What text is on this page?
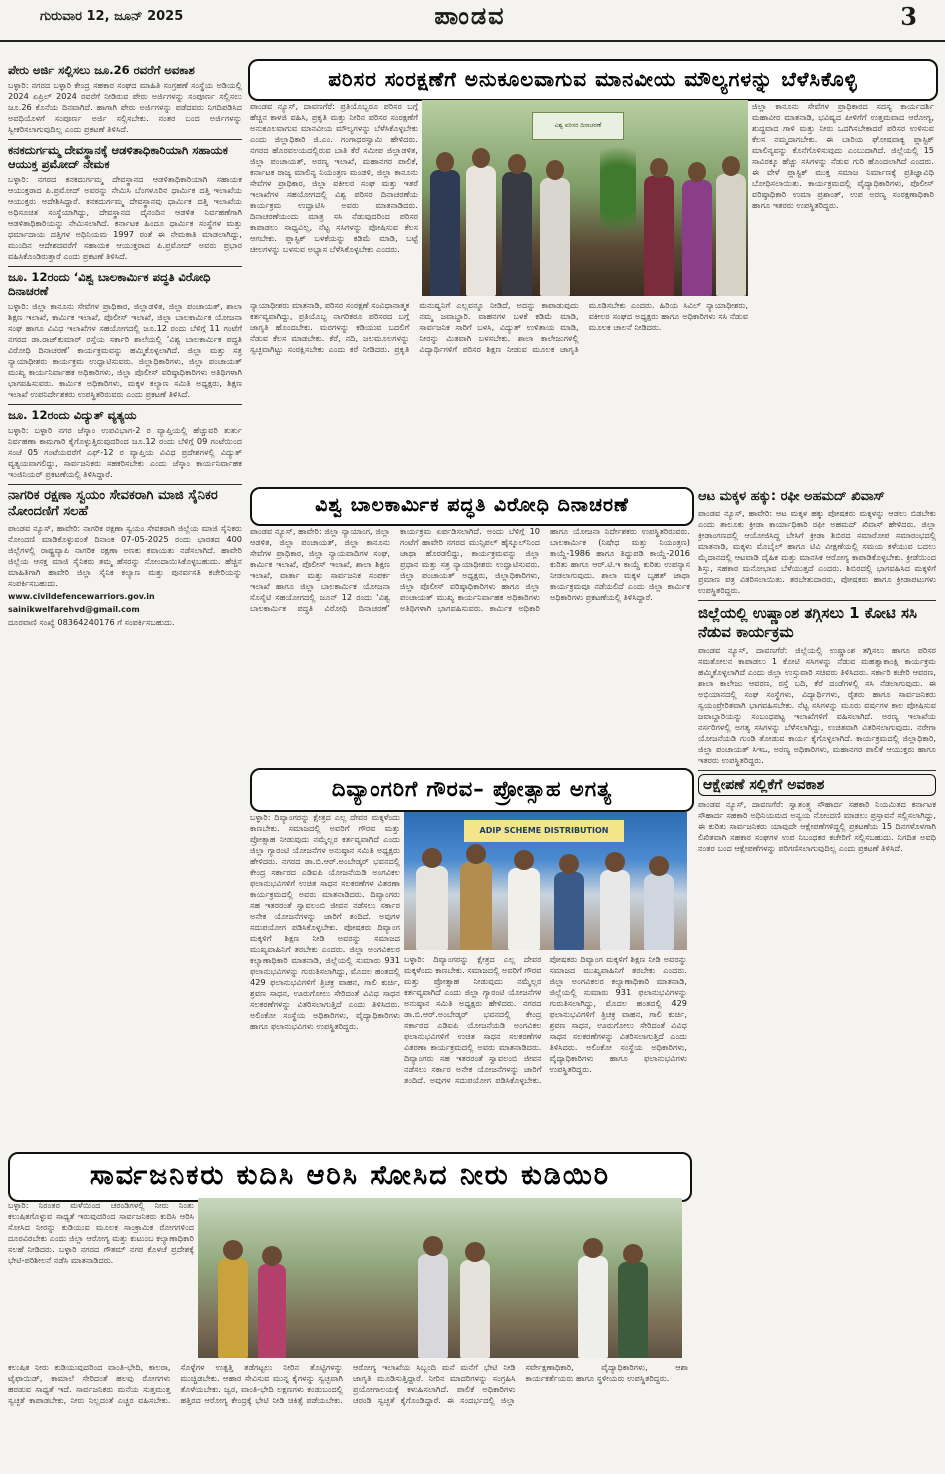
ಗುರುವಾರ 12, ಜೂನ್ 2025	ಪಾಂಡವ	3
ಪೇರು ಅರ್ಜಿ ಸಲ್ಲಿಸಲು ಜೂ.26 ರವರೆಗೆ ಅವಕಾಶ

ಬಳ್ಳಾರಿ: ನಗರದ ಬಳ್ಳಾರಿ ಕೇಂದ್ರ ಸಹಕಾರ ಸಂಘದ ಮಾಹಿತಿ ಸಂಗ್ರಹಣೆ ಸಂಸ್ಥೆಯ ಅಡಿಯಲ್ಲಿ 2024 ಏಪ್ರಿಲ್ 2024 ರವರೆಗೆ ನೀಡಿರುವ ಪೇರು ಅರ್ಜಿಗಳನ್ನು ಸಂಪೂರ್ಣ ಸಲ್ಲಿಸಲು ಜೂ.26 ಕೊನೆಯ ದಿನವಾಗಿದೆ. ಹಾಗಾಗಿ ಪೇರು ಅರ್ಜಿಗಳನ್ನು ಪಡೆದವರು ನಿಗದಿಪಡಿಸಿದ ಅವಧಿಯೊಳಗೆ ಸಂಪೂರ್ಣ ಅರ್ಜಿ ಸಲ್ಲಿಸಬೇಕು. ನಂತರ ಬಂದ ಅರ್ಜಿಗಳನ್ನು ಸ್ವೀಕರಿಸಲಾಗುವುದಿಲ್ಲ ಎಂದು ಪ್ರಕಟಣೆ ತಿಳಿಸಿದೆ.

ಕನಕದುರ್ಗಮ್ಮ ದೇವಸ್ಥಾನಕ್ಕೆ ಆಡಳಿತಾಧಿಕಾರಿಯಾಗಿ ಸಹಾಯಕ ಆಯುಕ್ತ ಪ್ರಮೋದ್ ನೇಮಕ

ಬಳ್ಳಾರಿ: ನಗರದ ಕನಕದುರ್ಗಮ್ಮ ದೇವಸ್ಥಾನದ ಆಡಳಿತಾಧಿಕಾರಿಯಾಗಿ ಸಹಾಯಕ ಆಯುಕ್ತರಾದ ಪಿ.ಪ್ರಮೋದ್ ಅವರನ್ನು ನೇಮಿಸಿ ಬೆಂಗಳೂರಿನ ಧಾರ್ಮಿಕ ದತ್ತಿ ಇಲಾಖೆಯ ಆಯುಕ್ತರು ಆದೇಶಿಸಿದ್ದಾರೆ. ಕನಕದುರ್ಗಮ್ಮ ದೇವಸ್ಥಾನವು ಧಾರ್ಮಿಕ ದತ್ತಿ ಇಲಾಖೆಯ ಅಧಿಸೂಚಿತ ಸಂಸ್ಥೆಯಾಗಿದ್ದು, ದೇವಸ್ಥಾನದ ದೈನಂದಿನ ಆಡಳಿತ ನಿರ್ವಹಣೆಗಾಗಿ ಆಡಳಿತಾಧಿಕಾರಿಯನ್ನು ನೇಮಿಸಲಾಗಿದೆ. ಕರ್ನಾಟಕ ಹಿಂದೂ ಧಾರ್ಮಿಕ ಸಂಸ್ಥೆಗಳ ಮತ್ತು ಧರ್ಮಾದಾಯ ದತ್ತಿಗಳ ಅಧಿನಿಯಮ 1997 ರಂತೆ ಈ ನೇಮಕಾತಿ ಮಾಡಲಾಗಿದ್ದು, ಮುಂದಿನ ಆದೇಶದವರೆಗೆ ಸಹಾಯಕ ಆಯುಕ್ತರಾದ ಪಿ.ಪ್ರಮೋದ್ ಅವರು ಪ್ರಭಾರ ವಹಿಸಿಕೊಂಡಿರುತ್ತಾರೆ ಎಂದು ಪ್ರಕಟಣೆ ತಿಳಿಸಿದೆ.

ಜೂ. 12ರಂದು ‘ವಿಶ್ವ ಬಾಲಕಾರ್ಮಿಕ ಪದ್ಧತಿ ವಿರೋಧಿ ದಿನಾಚರಣೆ

ಬಳ್ಳಾರಿ: ಜಿಲ್ಲಾ ಕಾನೂನು ಸೇವೆಗಳ ಪ್ರಾಧಿಕಾರ, ಜಿಲ್ಲಾಡಳಿತ, ಜಿಲ್ಲಾ ಪಂಚಾಯತ್, ಶಾಲಾ ಶಿಕ್ಷಣ ಇಲಾಖೆ, ಕಾರ್ಮಿಕ ಇಲಾಖೆ, ಪೊಲೀಸ್ ಇಲಾಖೆ, ಜಿಲ್ಲಾ ಬಾಲಕಾರ್ಮಿಕ ಯೋಜನಾ ಸಂಘ ಹಾಗೂ ವಿವಿಧ ಇಲಾಖೆಗಳ ಸಹಯೋಗದಲ್ಲಿ ಜೂ.12 ರಂದು ಬೆಳಿಗ್ಗೆ 11 ಗಂಟೆಗೆ ನಗರದ ಡಾ.ರಾಜ್‌ಕುಮಾರ್ ರಸ್ತೆಯ ಸರ್ಕಾರಿ ಶಾಲೆಯಲ್ಲಿ ‘ವಿಶ್ವ ಬಾಲಕಾರ್ಮಿಕ ಪದ್ಧತಿ ವಿರೋಧಿ ದಿನಾಚರಣೆ’ ಕಾರ್ಯಕ್ರಮವನ್ನು ಹಮ್ಮಿಕೊಳ್ಳಲಾಗಿದೆ. ಜಿಲ್ಲಾ ಮತ್ತು ಸತ್ರ ನ್ಯಾಯಾಧೀಶರು ಕಾರ್ಯಕ್ರಮ ಉದ್ಘಾಟಿಸುವರು. ಜಿಲ್ಲಾಧಿಕಾರಿಗಳು, ಜಿಲ್ಲಾ ಪಂಚಾಯತ್ ಮುಖ್ಯ ಕಾರ್ಯನಿರ್ವಾಹಕ ಅಧಿಕಾರಿಗಳು, ಜಿಲ್ಲಾ ಪೊಲೀಸ್ ವರಿಷ್ಠಾಧಿಕಾರಿಗಳು ಅತಿಥಿಗಳಾಗಿ ಭಾಗವಹಿಸುವರು. ಕಾರ್ಮಿಕ ಅಧಿಕಾರಿಗಳು, ಮಕ್ಕಳ ಕಲ್ಯಾಣ ಸಮಿತಿ ಅಧ್ಯಕ್ಷರು, ಶಿಕ್ಷಣ ಇಲಾಖೆ ಉಪನಿರ್ದೇಶಕರು ಉಪಸ್ಥಿತರಿರುವರು ಎಂದು ಪ್ರಕಟಣೆ ತಿಳಿಸಿದೆ.

ಜೂ. 12ರಂದು ವಿದ್ಯುತ್ ವ್ಯತ್ಯಯ

ಬಳ್ಳಾರಿ: ಬಳ್ಳಾರಿ ನಗರ ಜೆಸ್ಕಾಂ ಉಪವಿಭಾಗ-2 ರ ವ್ಯಾಪ್ತಿಯಲ್ಲಿ ಹೆಚ್ಚುವರಿ ತುರ್ತು ನಿರ್ವಹಣಾ ಕಾಮಗಾರಿ ಕೈಗೊಳ್ಳುತ್ತಿರುವುದರಿಂದ ಜೂ.12 ರಂದು ಬೆಳಿಗ್ಗೆ 09 ಗಂಟೆಯಿಂದ ಸಂಜೆ 05 ಗಂಟೆಯವರೆಗೆ ಎಫ್-12 ರ ವ್ಯಾಪ್ತಿಯ ವಿವಿಧ ಪ್ರದೇಶಗಳಲ್ಲಿ ವಿದ್ಯುತ್ ವ್ಯತ್ಯಯವಾಗಲಿದ್ದು, ಸಾರ್ವಜನಿಕರು ಸಹಕರಿಸಬೇಕು ಎಂದು ಜೆಸ್ಕಾಂ ಕಾರ್ಯನಿರ್ವಾಹಕ ಇಂಜಿನಿಯರ್ ಪ್ರಕಟಣೆಯಲ್ಲಿ ತಿಳಿಸಿದ್ದಾರೆ.

ನಾಗರಿಕ ರಕ್ಷಣಾ ಸ್ವಯಂ ಸೇವಕರಾಗಿ ಮಾಜಿ ಸೈನಿಕರ ನೋಂದಣಿಗೆ ಸಲಹೆ

ಪಾಂಡವ ನ್ಯೂಸ್, ಹಾವೇರಿ: ನಾಗರಿಕ ರಕ್ಷಣಾ ಸ್ವಯಂ ಸೇವಕರಾಗಿ ಜಿಲ್ಲೆಯ ಮಾಜಿ ಸೈನಿಕರು ನೋಂದಣಿ ಮಾಡಿಕೊಳ್ಳುವಂತೆ ದಿನಾಂಕ 07-05-2025 ರಂದು ಭಾರತದ 400 ಜಿಲ್ಲೆಗಳಲ್ಲಿ ರಾಷ್ಟ್ರವ್ಯಾಪಿ ನಾಗರಿಕ ರಕ್ಷಣಾ ಅಣಕು ಕವಾಯತು ನಡೆಸಲಾಗಿದೆ. ಹಾವೇರಿ ಜಿಲ್ಲೆಯ ಆಸಕ್ತ ಮಾಜಿ ಸೈನಿಕರು ತಮ್ಮ ಹೆಸರನ್ನು ನೋಂದಾಯಿಸಿಕೊಳ್ಳಬಹುದು. ಹೆಚ್ಚಿನ ಮಾಹಿತಿಗಾಗಿ ಹಾವೇರಿ ಜಿಲ್ಲಾ ಸೈನಿಕ ಕಲ್ಯಾಣ ಮತ್ತು ಪುನರ್ವಸತಿ ಕಚೇರಿಯನ್ನು ಸಂಪರ್ಕಿಸಬಹುದು.

www.civildefencewarriors.gov.in

sainikwelfarehvd@gmail.com

ದೂರವಾಣಿ ಸಂಖ್ಯೆ 08364240176 ಗೆ ಸಂಪರ್ಕಿಸಬಹುದು.

ಪರಿಸರ ಸಂರಕ್ಷಣೆಗೆ ಅನುಕೂಲವಾಗುವ ಮಾನವೀಯ ಮೌಲ್ಯಗಳನ್ನು ಬೆಳೆಸಿಕೊಳ್ಳಿ

ಪಾಂಡವ ನ್ಯೂಸ್, ದಾವಣಗೆರೆ: ಪ್ರತಿಯೊಬ್ಬರೂ ಪರಿಸರ ಬಗ್ಗೆ ಹೆಚ್ಚಿನ ಕಾಳಜಿ ವಹಿಸಿ, ಪ್ರಕೃತಿ ಮತ್ತು ನೀರಿನ ಪರಿಸರ ಸಂರಕ್ಷಣೆಗೆ ಅನುಕೂಲವಾಗುವ ಮಾನವೀಯ ಮೌಲ್ಯಗಳನ್ನು ಬೆಳೆಸಿಕೊಳ್ಳಬೇಕು ಎಂದು ಜಿಲ್ಲಾಧಿಕಾರಿ ಜಿ.ಎಂ. ಗಂಗಾಧರಸ್ವಾಮಿ ಹೇಳಿದರು. ನಗರದ ಹೊರವಲಯದಲ್ಲಿರುವ ಬಾತಿ ಕೆರೆ ಸಮೀಪ ಜಿಲ್ಲಾಡಳಿತ, ಜಿಲ್ಲಾ ಪಂಚಾಯತ್, ಅರಣ್ಯ ಇಲಾಖೆ, ಮಹಾನಗರ ಪಾಲಿಕೆ, ಕರ್ನಾಟಕ ರಾಜ್ಯ ಮಾಲಿನ್ಯ ನಿಯಂತ್ರಣ ಮಂಡಳಿ, ಜಿಲ್ಲಾ ಕಾನೂನು ಸೇವೆಗಳ ಪ್ರಾಧಿಕಾರ, ಜಿಲ್ಲಾ ವಕೀಲರ ಸಂಘ ಮತ್ತು ಇತರೆ ಇಲಾಖೆಗಳ ಸಹಯೋಗದಲ್ಲಿ ವಿಶ್ವ ಪರಿಸರ ದಿನಾಚರಣೆಯ ಕಾರ್ಯಕ್ರಮ ಉದ್ಘಾಟಿಸಿ ಅವರು ಮಾತನಾಡಿದರು. ದಿನಾಚರಣೆಯಂದು ಮಾತ್ರ ಸಸಿ ನೆಡುವುದರಿಂದ ಪರಿಸರ ಕಾಪಾಡಲು ಸಾಧ್ಯವಿಲ್ಲ, ನೆಟ್ಟ ಸಸಿಗಳನ್ನು ಪೋಷಿಸುವ ಕೆಲಸ ಆಗಬೇಕು. ಪ್ಲಾಸ್ಟಿಕ್ ಬಳಕೆಯನ್ನು ಕಡಿಮೆ ಮಾಡಿ, ಬಟ್ಟೆ ಚೀಲಗಳನ್ನು ಬಳಸುವ ಅಭ್ಯಾಸ ಬೆಳೆಸಿಕೊಳ್ಳಬೇಕು ಎಂದರು.

ವಿಶ್ವ ಪರಿಸರ ದಿನಾಚರಣೆ

ಜಿಲ್ಲಾ ಕಾನೂನು ಸೇವೆಗಳ ಪ್ರಾಧಿಕಾರದ ಸದಸ್ಯ ಕಾರ್ಯದರ್ಶಿ ಮಹಾವೀರ ಮಾತನಾಡಿ, ಭವಿಷ್ಯದ ಪೀಳಿಗೆಗೆ ಉತ್ತಮವಾದ ಆರೋಗ್ಯ, ಶುದ್ಧವಾದ ಗಾಳಿ ಮತ್ತು ನೀರು ಒದಗಿಸಬೇಕಾದರೆ ಪರಿಸರ ಉಳಿಸುವ ಕೆಲಸ ನಮ್ಮದಾಗಬೇಕು. ಈ ಬಾರಿಯ ಘೋಷವಾಕ್ಯ ಪ್ಲಾಸ್ಟಿಕ್ ಮಾಲಿನ್ಯವನ್ನು ಕೊನೆಗೊಳಿಸುವುದು ಎಂಬುದಾಗಿದೆ. ಜಿಲ್ಲೆಯಲ್ಲಿ 15 ಸಾವಿರಕ್ಕೂ ಹೆಚ್ಚು ಸಸಿಗಳನ್ನು ನೆಡುವ ಗುರಿ ಹೊಂದಲಾಗಿದೆ ಎಂದರು. ಈ ವೇಳೆ ಪ್ಲಾಸ್ಟಿಕ್ ಮುಕ್ತ ಸಮಾಜ ನಿರ್ಮಾಣಕ್ಕೆ ಪ್ರತಿಜ್ಞಾವಿಧಿ ಬೋಧಿಸಲಾಯಿತು. ಕಾರ್ಯಕ್ರಮದಲ್ಲಿ ವೈದ್ಯಾಧಿಕಾರಿಗಳು, ಪೊಲೀಸ್ ವರಿಷ್ಠಾಧಿಕಾರಿ ಉಮಾ ಪ್ರಶಾಂತ್, ಉಪ ಅರಣ್ಯ ಸಂರಕ್ಷಣಾಧಿಕಾರಿ ಹಾಗೂ ಇತರರು ಉಪಸ್ಥಿತರಿದ್ದರು.

ನ್ಯಾಯಾಧೀಶರು ಮಾತನಾಡಿ, ಪರಿಸರ ಸಂರಕ್ಷಣೆ ಸಂವಿಧಾನಾತ್ಮಕ ಕರ್ತವ್ಯವಾಗಿದ್ದು, ಪ್ರತಿಯೊಬ್ಬ ನಾಗರಿಕರೂ ಪರಿಸರದ ಬಗ್ಗೆ ಜಾಗೃತಿ ಹೊಂದಬೇಕು. ಮರಗಳನ್ನು ಕಡಿಯುವ ಬದಲಿಗೆ ನೆಡುವ ಕೆಲಸ ಮಾಡಬೇಕು. ಕೆರೆ, ನದಿ, ಜಲಮೂಲಗಳನ್ನು ಸ್ವಚ್ಛವಾಗಿಟ್ಟು ಸಂರಕ್ಷಿಸಬೇಕು ಎಂದು ಕರೆ ನೀಡಿದರು. ಪ್ರಕೃತಿ ಮನುಷ್ಯನಿಗೆ ಎಲ್ಲವನ್ನೂ ನೀಡಿದೆ, ಅದನ್ನು ಕಾಪಾಡುವುದು ನಮ್ಮ ಜವಾಬ್ದಾರಿ. ವಾಹನಗಳ ಬಳಕೆ ಕಡಿಮೆ ಮಾಡಿ, ಸಾರ್ವಜನಿಕ ಸಾರಿಗೆ ಬಳಸಿ, ವಿದ್ಯುತ್ ಉಳಿತಾಯ ಮಾಡಿ, ನೀರನ್ನು ಮಿತವಾಗಿ ಬಳಸಬೇಕು. ಶಾಲಾ ಕಾಲೇಜುಗಳಲ್ಲಿ ವಿದ್ಯಾರ್ಥಿಗಳಿಗೆ ಪರಿಸರ ಶಿಕ್ಷಣ ನೀಡುವ ಮೂಲಕ ಜಾಗೃತಿ ಮೂಡಿಸಬೇಕು ಎಂದರು. ಹಿರಿಯ ಸಿವಿಲ್ ನ್ಯಾಯಾಧೀಶರು, ವಕೀಲರ ಸಂಘದ ಅಧ್ಯಕ್ಷರು ಹಾಗೂ ಅಧಿಕಾರಿಗಳು ಸಸಿ ನೆಡುವ ಮೂಲಕ ಚಾಲನೆ ನೀಡಿದರು.

ವಿಶ್ವ ಬಾಲಕಾರ್ಮಿಕ ಪದ್ಧತಿ ವಿರೋಧಿ ದಿನಾಚರಣೆ

ಪಾಂಡವ ನ್ಯೂಸ್, ಹಾವೇರಿ: ಜಿಲ್ಲಾ ನ್ಯಾಯಾಂಗ, ಜಿಲ್ಲಾ ಆಡಳಿತ, ಜಿಲ್ಲಾ ಪಂಚಾಯತ್, ಜಿಲ್ಲಾ ಕಾನೂನು ಸೇವೆಗಳ ಪ್ರಾಧಿಕಾರ, ಜಿಲ್ಲಾ ನ್ಯಾಯವಾದಿಗಳ ಸಂಘ, ಕಾರ್ಮಿಕ ಇಲಾಖೆ, ಪೊಲೀಸ್ ಇಲಾಖೆ, ಶಾಲಾ ಶಿಕ್ಷಣ ಇಲಾಖೆ, ವಾರ್ತಾ ಮತ್ತು ಸಾರ್ವಜನಿಕ ಸಂಪರ್ಕ ಇಲಾಖೆ ಹಾಗೂ ಜಿಲ್ಲಾ ಬಾಲಕಾರ್ಮಿಕ ಯೋಜನಾ ಸೊಸೈಟಿ ಸಹಯೋಗದಲ್ಲಿ ಜೂನ್ 12 ರಂದು ‘ವಿಶ್ವ ಬಾಲಕಾರ್ಮಿಕ ಪದ್ಧತಿ ವಿರೋಧಿ ದಿನಾಚರಣೆ’ ಕಾರ್ಯಕ್ರಮ ಏರ್ಪಡಿಸಲಾಗಿದೆ. ಅಂದು ಬೆಳಿಗ್ಗೆ 10 ಗಂಟೆಗೆ ಹಾವೇರಿ ನಗರದ ಮುನ್ಸಿಪಲ್ ಹೈಸ್ಕೂಲ್‌ನಿಂದ ಜಾಥಾ ಹೊರಡಲಿದ್ದು, ಕಾರ್ಯಕ್ರಮವನ್ನು ಜಿಲ್ಲಾ ಪ್ರಧಾನ ಮತ್ತು ಸತ್ರ ನ್ಯಾಯಾಧೀಶರು ಉದ್ಘಾಟಿಸುವರು. ಜಿಲ್ಲಾ ಪಂಚಾಯತ್ ಅಧ್ಯಕ್ಷರು, ಜಿಲ್ಲಾಧಿಕಾರಿಗಳು, ಜಿಲ್ಲಾ ಪೊಲೀಸ್ ವರಿಷ್ಠಾಧಿಕಾರಿಗಳು ಹಾಗೂ ಜಿಲ್ಲಾ ಪಂಚಾಯತ್ ಮುಖ್ಯ ಕಾರ್ಯನಿರ್ವಾಹಕ ಅಧಿಕಾರಿಗಳು ಅತಿಥಿಗಳಾಗಿ ಭಾಗವಹಿಸುವರು. ಕಾರ್ಮಿಕ ಅಧಿಕಾರಿ ಹಾಗೂ ಯೋಜನಾ ನಿರ್ದೇಶಕರು ಉಪಸ್ಥಿತರಿರುವರು. ಬಾಲಕಾರ್ಮಿಕ (ನಿಷೇಧ ಮತ್ತು ನಿಯಂತ್ರಣ) ಕಾಯ್ದೆ-1986 ಹಾಗೂ ತಿದ್ದುಪಡಿ ಕಾಯ್ದೆ-2016 ಕುರಿತು ಹಾಗೂ ಆರ್.ಟಿ.ಇ ಕಾಯ್ದೆ ಕುರಿತು ಉಪನ್ಯಾಸ ನೀಡಲಾಗುವುದು. ಶಾಲಾ ಮಕ್ಕಳ ಬೃಹತ್ ಜಾಥಾ ಕಾರ್ಯಕ್ರಮವೂ ನಡೆಯಲಿದೆ ಎಂದು ಜಿಲ್ಲಾ ಕಾರ್ಮಿಕ ಅಧಿಕಾರಿಗಳು ಪ್ರಕಟಣೆಯಲ್ಲಿ ತಿಳಿಸಿದ್ದಾರೆ.

ದಿವ್ಯಾಂಗರಿಗೆ ಗೌರವ– ಪ್ರೋತ್ಸಾಹ ಅಗತ್ಯ

ಬಳ್ಳಾರಿ: ದಿವ್ಯಾಂಗರನ್ನು ಕ್ಷೇತ್ರದ ಎಲ್ಲ ದೇವರ ಮಕ್ಕಳೆಂದು ಕಾಣಬೇಕು. ಸಮಾಜದಲ್ಲಿ ಅವರಿಗೆ ಗೌರವ ಮತ್ತು ಪ್ರೋತ್ಸಾಹ ನೀಡುವುದು ನಮ್ಮೆಲ್ಲರ ಕರ್ತವ್ಯವಾಗಿದೆ ಎಂದು ಜಿಲ್ಲಾ ಗ್ಯಾರಂಟಿ ಯೋಜನೆಗಳ ಅನುಷ್ಠಾನ ಸಮಿತಿ ಅಧ್ಯಕ್ಷರು ಹೇಳಿದರು. ನಗರದ ಡಾ.ಬಿ.ಆರ್.ಅಂಬೇಡ್ಕರ್ ಭವನದಲ್ಲಿ ಕೇಂದ್ರ ಸರ್ಕಾರದ ಎಡಿಐಪಿ ಯೋಜನೆಯಡಿ ಅಂಗವಿಕಲ ಫಲಾನುಭವಿಗಳಿಗೆ ಉಚಿತ ಸಾಧನ ಸಲಕರಣೆಗಳ ವಿತರಣಾ ಕಾರ್ಯಕ್ರಮದಲ್ಲಿ ಅವರು ಮಾತನಾಡಿದರು. ದಿವ್ಯಾಂಗರು ಸಹ ಇತರರಂತೆ ಸ್ವಾವಲಂಬಿ ಜೀವನ ನಡೆಸಲು ಸರ್ಕಾರ ಅನೇಕ ಯೋಜನೆಗಳನ್ನು ಜಾರಿಗೆ ತಂದಿದೆ. ಅವುಗಳ ಸದುಪಯೋಗ ಪಡಿಸಿಕೊಳ್ಳಬೇಕು. ಪೋಷಕರು ದಿವ್ಯಾಂಗ ಮಕ್ಕಳಿಗೆ ಶಿಕ್ಷಣ ನೀಡಿ ಅವರನ್ನು ಸಮಾಜದ ಮುಖ್ಯವಾಹಿನಿಗೆ ತರಬೇಕು ಎಂದರು. ಜಿಲ್ಲಾ ಅಂಗವಿಕಲರ ಕಲ್ಯಾಣಾಧಿಕಾರಿ ಮಾತನಾಡಿ, ಜಿಲ್ಲೆಯಲ್ಲಿ ಸುಮಾರು 931 ಫಲಾನುಭವಿಗಳನ್ನು ಗುರುತಿಸಲಾಗಿದ್ದು, ಮೊದಲ ಹಂತದಲ್ಲಿ 429 ಫಲಾನುಭವಿಗಳಿಗೆ ತ್ರಿಚಕ್ರ ವಾಹನ, ಗಾಲಿ ಕುರ್ಚಿ, ಶ್ರವಣ ಸಾಧನ, ಊರುಗೋಲು ಸೇರಿದಂತೆ ವಿವಿಧ ಸಾಧನ ಸಲಕರಣೆಗಳನ್ನು ವಿತರಿಸಲಾಗುತ್ತಿದೆ ಎಂದು ತಿಳಿಸಿದರು. ಅಲಿಂಕೋ ಸಂಸ್ಥೆಯ ಅಧಿಕಾರಿಗಳು, ವೈದ್ಯಾಧಿಕಾರಿಗಳು ಹಾಗೂ ಫಲಾನುಭವಿಗಳು ಉಪಸ್ಥಿತರಿದ್ದರು.

ADIP SCHEME DISTRIBUTION

ಬಳ್ಳಾರಿ: ದಿವ್ಯಾಂಗರನ್ನು ಕ್ಷೇತ್ರದ ಎಲ್ಲ ದೇವರ ಮಕ್ಕಳೆಂದು ಕಾಣಬೇಕು. ಸಮಾಜದಲ್ಲಿ ಅವರಿಗೆ ಗೌರವ ಮತ್ತು ಪ್ರೋತ್ಸಾಹ ನೀಡುವುದು ನಮ್ಮೆಲ್ಲರ ಕರ್ತವ್ಯವಾಗಿದೆ ಎಂದು ಜಿಲ್ಲಾ ಗ್ಯಾರಂಟಿ ಯೋಜನೆಗಳ ಅನುಷ್ಠಾನ ಸಮಿತಿ ಅಧ್ಯಕ್ಷರು ಹೇಳಿದರು. ನಗರದ ಡಾ.ಬಿ.ಆರ್.ಅಂಬೇಡ್ಕರ್ ಭವನದಲ್ಲಿ ಕೇಂದ್ರ ಸರ್ಕಾರದ ಎಡಿಐಪಿ ಯೋಜನೆಯಡಿ ಅಂಗವಿಕಲ ಫಲಾನುಭವಿಗಳಿಗೆ ಉಚಿತ ಸಾಧನ ಸಲಕರಣೆಗಳ ವಿತರಣಾ ಕಾರ್ಯಕ್ರಮದಲ್ಲಿ ಅವರು ಮಾತನಾಡಿದರು. ದಿವ್ಯಾಂಗರು ಸಹ ಇತರರಂತೆ ಸ್ವಾವಲಂಬಿ ಜೀವನ ನಡೆಸಲು ಸರ್ಕಾರ ಅನೇಕ ಯೋಜನೆಗಳನ್ನು ಜಾರಿಗೆ ತಂದಿದೆ. ಅವುಗಳ ಸದುಪಯೋಗ ಪಡಿಸಿಕೊಳ್ಳಬೇಕು. ಪೋಷಕರು ದಿವ್ಯಾಂಗ ಮಕ್ಕಳಿಗೆ ಶಿಕ್ಷಣ ನೀಡಿ ಅವರನ್ನು ಸಮಾಜದ ಮುಖ್ಯವಾಹಿನಿಗೆ ತರಬೇಕು ಎಂದರು. ಜಿಲ್ಲಾ ಅಂಗವಿಕಲರ ಕಲ್ಯಾಣಾಧಿಕಾರಿ ಮಾತನಾಡಿ, ಜಿಲ್ಲೆಯಲ್ಲಿ ಸುಮಾರು 931 ಫಲಾನುಭವಿಗಳನ್ನು ಗುರುತಿಸಲಾಗಿದ್ದು, ಮೊದಲ ಹಂತದಲ್ಲಿ 429 ಫಲಾನುಭವಿಗಳಿಗೆ ತ್ರಿಚಕ್ರ ವಾಹನ, ಗಾಲಿ ಕುರ್ಚಿ, ಶ್ರವಣ ಸಾಧನ, ಊರುಗೋಲು ಸೇರಿದಂತೆ ವಿವಿಧ ಸಾಧನ ಸಲಕರಣೆಗಳನ್ನು ವಿತರಿಸಲಾಗುತ್ತಿದೆ ಎಂದು ತಿಳಿಸಿದರು. ಅಲಿಂಕೋ ಸಂಸ್ಥೆಯ ಅಧಿಕಾರಿಗಳು, ವೈದ್ಯಾಧಿಕಾರಿಗಳು ಹಾಗೂ ಫಲಾನುಭವಿಗಳು ಉಪಸ್ಥಿತರಿದ್ದರು.

ಆಟ ಮಕ್ಕಳ ಹಕ್ಕು: ರಫೀ ಅಹಮದ್ ಖಿವಾಸ್

ಪಾಂಡವ ನ್ಯೂಸ್, ಹಾವೇರಿ: ಆಟ ಮಕ್ಕಳ ಹಕ್ಕು ಪೋಷಕರು ಮಕ್ಕಳನ್ನು ಆಡಲು ಬಿಡಬೇಕು ಎಂದು ತಾಲೂಕು ಕ್ರೀಡಾ ಕಾರ್ಯಾಧಿಕಾರಿ ರಫೀ ಅಹಮದ್ ಖಿವಾಸ್ ಹೇಳಿದರು. ಜಿಲ್ಲಾ ಕ್ರೀಡಾಂಗಣದಲ್ಲಿ ಆಯೋಜಿಸಿದ್ದ ಬೇಸಿಗೆ ಕ್ರೀಡಾ ಶಿಬಿರದ ಸಮಾರೋಪ ಸಮಾರಂಭದಲ್ಲಿ ಮಾತನಾಡಿ, ಮಕ್ಕಳು ಮೊಬೈಲ್ ಹಾಗೂ ಟಿವಿ ವೀಕ್ಷಣೆಯಲ್ಲಿ ಸಮಯ ಕಳೆಯುವ ಬದಲು ಮೈದಾನದಲ್ಲಿ ಆಟವಾಡಿ ದೈಹಿಕ ಮತ್ತು ಮಾನಸಿಕ ಆರೋಗ್ಯ ಕಾಪಾಡಿಕೊಳ್ಳಬೇಕು. ಕ್ರೀಡೆಯಿಂದ ಶಿಸ್ತು, ಸಹಕಾರ ಮನೋಭಾವ ಬೆಳೆಯುತ್ತದೆ ಎಂದರು. ಶಿಬಿರದಲ್ಲಿ ಭಾಗವಹಿಸಿದ ಮಕ್ಕಳಿಗೆ ಪ್ರಮಾಣ ಪತ್ರ ವಿತರಿಸಲಾಯಿತು. ತರಬೇತುದಾರರು, ಪೋಷಕರು ಹಾಗೂ ಕ್ರೀಡಾಪಟುಗಳು ಉಪಸ್ಥಿತರಿದ್ದರು.

ಜಿಲ್ಲೆಯಲ್ಲಿ ಉಷ್ಣಾಂಶ ತಗ್ಗಿಸಲು 1 ಕೋಟಿ ಸಸಿ ನೆಡುವ ಕಾರ್ಯಕ್ರಮ

ಪಾಂಡವ ನ್ಯೂಸ್, ದಾವಣಗೆರೆ: ಜಿಲ್ಲೆಯಲ್ಲಿ ಉಷ್ಣಾಂಶ ತಗ್ಗಿಸಲು ಹಾಗೂ ಪರಿಸರ ಸಮತೋಲನ ಕಾಪಾಡಲು 1 ಕೋಟಿ ಸಸಿಗಳನ್ನು ನೆಡುವ ಮಹತ್ವಾಕಾಂಕ್ಷಿ ಕಾರ್ಯಕ್ರಮ ಹಮ್ಮಿಕೊಳ್ಳಲಾಗಿದೆ ಎಂದು ಜಿಲ್ಲಾ ಉಸ್ತುವಾರಿ ಸಚಿವರು ತಿಳಿಸಿದರು. ಸರ್ಕಾರಿ ಕಚೇರಿ ಆವರಣ, ಶಾಲಾ ಕಾಲೇಜು ಆವರಣ, ರಸ್ತೆ ಬದಿ, ಕೆರೆ ದಂಡೆಗಳಲ್ಲಿ ಸಸಿ ನೆಡಲಾಗುವುದು. ಈ ಅಭಿಯಾನದಲ್ಲಿ ಸಂಘ ಸಂಸ್ಥೆಗಳು, ವಿದ್ಯಾರ್ಥಿಗಳು, ರೈತರು ಹಾಗೂ ಸಾರ್ವಜನಿಕರು ಸ್ವಯಂಪ್ರೇರಿತವಾಗಿ ಭಾಗವಹಿಸಬೇಕು. ನೆಟ್ಟ ಸಸಿಗಳನ್ನು ಮೂರು ವರ್ಷಗಳ ಕಾಲ ಪೋಷಿಸುವ ಜವಾಬ್ದಾರಿಯನ್ನು ಸಂಬಂಧಪಟ್ಟ ಇಲಾಖೆಗಳಿಗೆ ವಹಿಸಲಾಗಿದೆ. ಅರಣ್ಯ ಇಲಾಖೆಯ ನರ್ಸರಿಗಳಲ್ಲಿ ಅಗತ್ಯ ಸಸಿಗಳನ್ನು ಬೆಳೆಸಲಾಗಿದ್ದು, ಉಚಿತವಾಗಿ ವಿತರಿಸಲಾಗುವುದು. ನರೇಗಾ ಯೋಜನೆಯಡಿ ಗುಂಡಿ ತೋಡುವ ಕಾರ್ಯ ಕೈಗೊಳ್ಳಲಾಗಿದೆ. ಕಾರ್ಯಕ್ರಮದಲ್ಲಿ ಜಿಲ್ಲಾಧಿಕಾರಿ, ಜಿಲ್ಲಾ ಪಂಚಾಯತ್ ಸಿಇಒ, ಅರಣ್ಯ ಅಧಿಕಾರಿಗಳು, ಮಹಾನಗರ ಪಾಲಿಕೆ ಆಯುಕ್ತರು ಹಾಗೂ ಇತರರು ಉಪಸ್ಥಿತರಿದ್ದರು.

ಆಕ್ಷೇಪಣೆ ಸಲ್ಲಿಕೆಗೆ ಅವಕಾಶ

ಪಾಂಡವ ನ್ಯೂಸ್, ದಾವಣಗೆರೆ: ಸ್ವಾತಂತ್ರ್ಯ ಸೌಹಾರ್ದ ಸಹಕಾರಿ ನಿಯಮಿತದ ಕರ್ನಾಟಕ ಸೌಹಾರ್ದ ಸಹಕಾರಿ ಅಧಿನಿಯಮದ ಅನ್ವಯ ನೋಂದಣಿ ಮಾಡಲು ಪ್ರಸ್ತಾವನೆ ಸಲ್ಲಿಸಲಾಗಿದ್ದು, ಈ ಕುರಿತು ಸಾರ್ವಜನಿಕರು ಯಾವುದೇ ಆಕ್ಷೇಪಣೆಗಳಿದ್ದಲ್ಲಿ ಪ್ರಕಟಣೆಯ 15 ದಿನಗಳೊಳಗಾಗಿ ಲಿಖಿತವಾಗಿ ಸಹಕಾರ ಸಂಘಗಳ ಉಪ ನಿಬಂಧಕರ ಕಚೇರಿಗೆ ಸಲ್ಲಿಸಬಹುದು. ನಿಗದಿತ ಅವಧಿ ನಂತರ ಬಂದ ಆಕ್ಷೇಪಣೆಗಳನ್ನು ಪರಿಗಣಿಸಲಾಗುವುದಿಲ್ಲ ಎಂದು ಪ್ರಕಟಣೆ ತಿಳಿಸಿದೆ.

ಸಾರ್ವಜನಿಕರು ಕುದಿಸಿ ಆರಿಸಿ ಸೋಸಿದ ನೀರು ಕುಡಿಯಿರಿ

ಬಳ್ಳಾರಿ: ನಿರಂತರ ಮಳೆಯಿಂದ ಚರಂಡಿಗಳಲ್ಲಿ ನೀರು ನಿಂತು ಕಲುಷಿತಗೊಳ್ಳುವ ಸಾಧ್ಯತೆ ಇರುವುದರಿಂದ ಸಾರ್ವಜನಿಕರು ಕುದಿಸಿ ಆರಿಸಿ ಸೋಸಿದ ನೀರನ್ನು ಕುಡಿಯುವ ಮೂಲಕ ಸಾಂಕ್ರಾಮಿಕ ರೋಗಗಳಿಂದ ದೂರವಿರಬೇಕು ಎಂದು ಜಿಲ್ಲಾ ಆರೋಗ್ಯ ಮತ್ತು ಕುಟುಂಬ ಕಲ್ಯಾಣಾಧಿಕಾರಿ ಸಲಹೆ ನೀಡಿದರು. ಬಳ್ಳಾರಿ ನಗರದ ಗೌತಮ್ ನಗರ ಕೊಳಚೆ ಪ್ರದೇಶಕ್ಕೆ ಭೇಟಿ-ಪರಿಶೀಲನೆ ನಡೆಸಿ ಮಾತನಾಡಿದರು.

ಕಲುಷಿತ ನೀರು ಕುಡಿಯುವುದರಿಂದ ವಾಂತಿ-ಭೇದಿ, ಕಾಲರಾ, ಟೈಫಾಯಿಡ್, ಕಾಮಾಲೆ ಸೇರಿದಂತೆ ಹಲವು ರೋಗಗಳು ಹರಡುವ ಸಾಧ್ಯತೆ ಇದೆ. ಸಾರ್ವಜನಿಕರು ಮನೆಯ ಸುತ್ತಮುತ್ತ ಸ್ವಚ್ಛತೆ ಕಾಪಾಡಬೇಕು, ನೀರು ನಿಲ್ಲದಂತೆ ಎಚ್ಚರ ವಹಿಸಬೇಕು. ಸೊಳ್ಳೆಗಳ ಉತ್ಪತ್ತಿ ತಡೆಗಟ್ಟಲು ನೀರಿನ ತೊಟ್ಟಿಗಳನ್ನು ಮುಚ್ಚಿಡಬೇಕು. ಆಹಾರ ಸೇವಿಸುವ ಮುನ್ನ ಕೈಗಳನ್ನು ಸ್ವಚ್ಛವಾಗಿ ತೊಳೆಯಬೇಕು. ಜ್ವರ, ವಾಂತಿ-ಭೇದಿ ಲಕ್ಷಣಗಳು ಕಂಡುಬಂದಲ್ಲಿ ಹತ್ತಿರದ ಆರೋಗ್ಯ ಕೇಂದ್ರಕ್ಕೆ ಭೇಟಿ ನೀಡಿ ಚಿಕಿತ್ಸೆ ಪಡೆಯಬೇಕು. ಆರೋಗ್ಯ ಇಲಾಖೆಯ ಸಿಬ್ಬಂದಿ ಮನೆ ಮನೆಗೆ ಭೇಟಿ ನೀಡಿ ಜಾಗೃತಿ ಮೂಡಿಸುತ್ತಿದ್ದಾರೆ. ನೀರಿನ ಮಾದರಿಗಳನ್ನು ಸಂಗ್ರಹಿಸಿ ಪ್ರಯೋಗಾಲಯಕ್ಕೆ ಕಳುಹಿಸಲಾಗಿದೆ. ಪಾಲಿಕೆ ಅಧಿಕಾರಿಗಳು ಚರಂಡಿ ಸ್ವಚ್ಛತೆ ಕೈಗೊಂಡಿದ್ದಾರೆ. ಈ ಸಂದರ್ಭದಲ್ಲಿ ಜಿಲ್ಲಾ ಸರ್ವೇಕ್ಷಣಾಧಿಕಾರಿ, ವೈದ್ಯಾಧಿಕಾರಿಗಳು, ಆಶಾ ಕಾರ್ಯಕರ್ತೆಯರು ಹಾಗೂ ಸ್ಥಳೀಯರು ಉಪಸ್ಥಿತರಿದ್ದರು.
